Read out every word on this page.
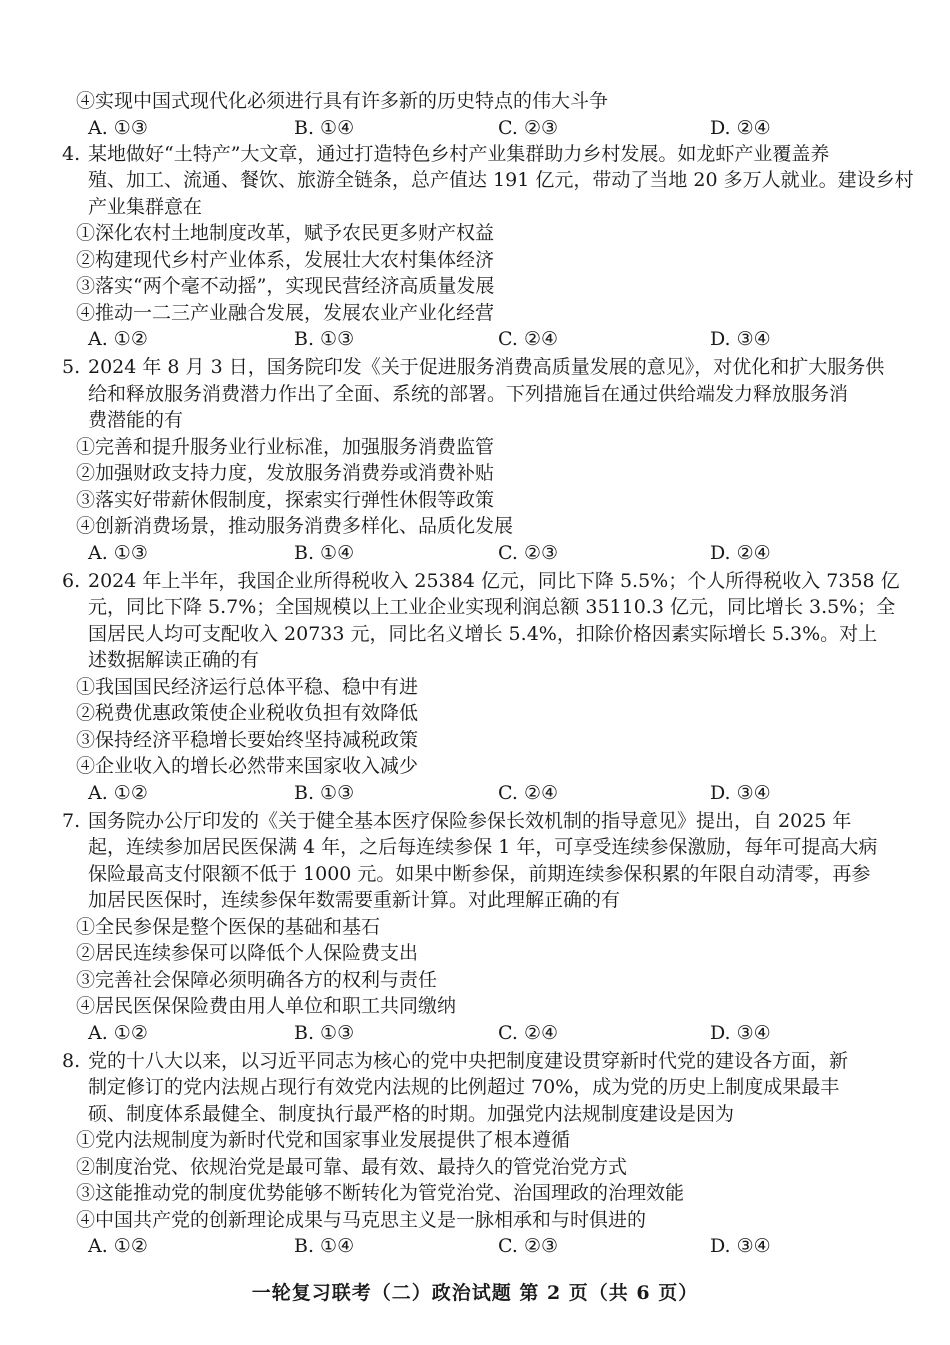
④实现中国式现代化必须进行具有许多新的历史特点的伟大斗争
A. ①③	B. ①④	C. ②③	D. ②④
4. 某地做好“土特产”大文章，通过打造特色乡村产业集群助力乡村发展。如龙虾产业覆盖养
殖、加工、流通、餐饮、旅游全链条，总产值达 191 亿元，带动了当地 20 多万人就业。建设乡村
产业集群意在
①深化农村土地制度改革，赋予农民更多财产权益
②构建现代乡村产业体系，发展壮大农村集体经济
③落实“两个毫不动摇”，实现民营经济高质量发展
④推动一二三产业融合发展，发展农业产业化经营
A. ①②	B. ①③	C. ②④	D. ③④
5. 2024 年 8 月 3 日，国务院印发《关于促进服务消费高质量发展的意见》，对优化和扩大服务供
给和释放服务消费潜力作出了全面、系统的部署。下列措施旨在通过供给端发力释放服务消
费潜能的有
①完善和提升服务业行业标准，加强服务消费监管
②加强财政支持力度，发放服务消费券或消费补贴
③落实好带薪休假制度，探索实行弹性休假等政策
④创新消费场景，推动服务消费多样化、品质化发展
A. ①③	B. ①④	C. ②③	D. ②④
6. 2024 年上半年，我国企业所得税收入 25384 亿元，同比下降 5.5%；个人所得税收入 7358 亿
元，同比下降 5.7%；全国规模以上工业企业实现利润总额 35110.3 亿元，同比增长 3.5%；全
国居民人均可支配收入 20733 元，同比名义增长 5.4%，扣除价格因素实际增长 5.3%。对上
述数据解读正确的有
①我国国民经济运行总体平稳、稳中有进
②税费优惠政策使企业税收负担有效降低
③保持经济平稳增长要始终坚持减税政策
④企业收入的增长必然带来国家收入减少
A. ①②	B. ①③	C. ②④	D. ③④
7. 国务院办公厅印发的《关于健全基本医疗保险参保长效机制的指导意见》提出，自 2025 年
起，连续参加居民医保满 4 年，之后每连续参保 1 年，可享受连续参保激励，每年可提高大病
保险最高支付限额不低于 1000 元。如果中断参保，前期连续参保积累的年限自动清零，再参
加居民医保时，连续参保年数需要重新计算。对此理解正确的有
①全民参保是整个医保的基础和基石
②居民连续参保可以降低个人保险费支出
③完善社会保障必须明确各方的权利与责任
④居民医保保险费由用人单位和职工共同缴纳
A. ①②	B. ①③	C. ②④	D. ③④
8. 党的十八大以来，以习近平同志为核心的党中央把制度建设贯穿新时代党的建设各方面，新
制定修订的党内法规占现行有效党内法规的比例超过 70%，成为党的历史上制度成果最丰
硕、制度体系最健全、制度执行最严格的时期。加强党内法规制度建设是因为
①党内法规制度为新时代党和国家事业发展提供了根本遵循
②制度治党、依规治党是最可靠、最有效、最持久的管党治党方式
③这能推动党的制度优势能够不断转化为管党治党、治国理政的治理效能
④中国共产党的创新理论成果与马克思主义是一脉相承和与时俱进的
A. ①②	B. ①④	C. ②③	D. ③④
一轮复习联考（二）政治试题 第 2 页（共 6 页）
